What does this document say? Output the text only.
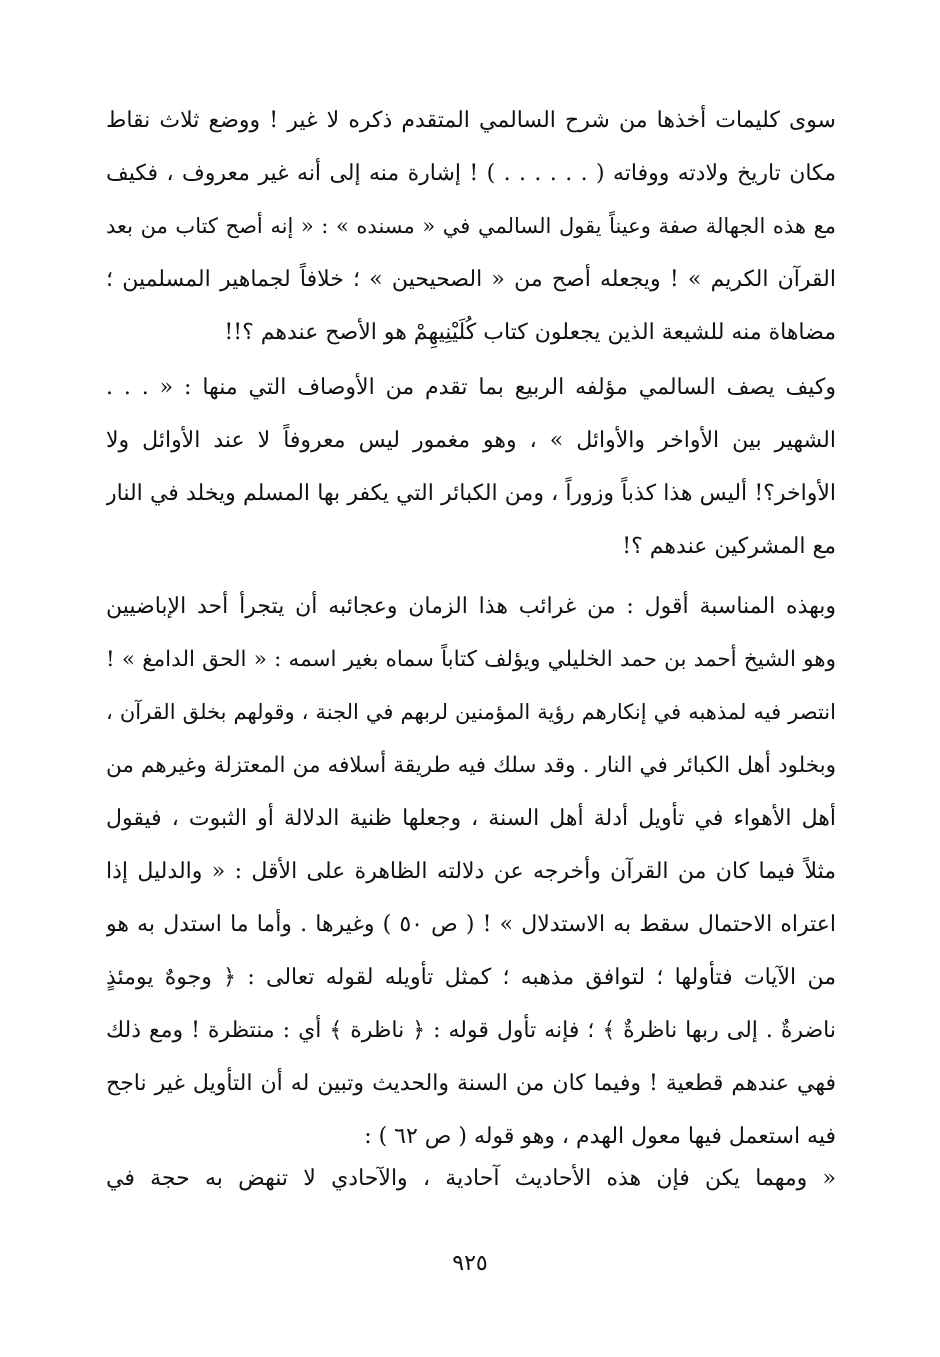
سوى كليمات أخذها من شرح السالمي المتقدم ذكره لا غير ! ووضع ثلاث نقاط
مكان تاريخ ولادته ووفاته ( . . . . . . ) ! إشارة منه إلى أنه غير معروف ، فكيف
مع هذه الجهالة صفة وعيناً يقول السالمي في « مسنده » : « إنه أصح كتاب من بعد
القرآن الكريم » ! ويجعله أصح من « الصحيحين » ؛ خلافاً لجماهير المسلمين ؛
مضاهاة منه للشيعة الذين يجعلون كتاب كُلَيْنِيهِمْ هو الأصح عندهم ؟!!
وكيف يصف السالمي مؤلفه الربيع بما تقدم من الأوصاف التي منها : « . . .
الشهير بين الأواخر والأوائل » ، وهو مغمور ليس معروفاً لا عند الأوائل ولا
الأواخر؟! أليس هذا كذباً وزوراً ، ومن الكبائر التي يكفر بها المسلم ويخلد في النار
مع المشركين عندهم ؟!
وبهذه المناسبة أقول : من غرائب هذا الزمان وعجائبه أن يتجرأ أحد الإباضيين
وهو الشيخ أحمد بن حمد الخليلي ويؤلف كتاباً سماه بغير اسمه : « الحق الدامغ » !
انتصر فيه لمذهبه في إنكارهم رؤية المؤمنين لربهم في الجنة ، وقولهم بخلق القرآن ،
وبخلود أهل الكبائر في النار . وقد سلك فيه طريقة أسلافه من المعتزلة وغيرهم من
أهل الأهواء في تأويل أدلة أهل السنة ، وجعلها ظنية الدلالة أو الثبوت ، فيقول
مثلاً فيما كان من القرآن وأخرجه عن دلالته الظاهرة على الأقل : « والدليل إذا
اعتراه الاحتمال سقط به الاستدلال » ! ( ص ٥٠ ) وغيرها . وأما ما استدل به هو
من الآيات فتأولها ؛ لتوافق مذهبه ؛ كمثل تأويله لقوله تعالى : ﴿ وجوهٌ يومئذٍ
ناضرةٌ . إلى ربها ناظرةٌ ﴾ ؛ فإنه تأول قوله : ﴿ ناظرة ﴾ أي : منتظرة ! ومع ذلك
فهي عندهم قطعية ! وفيما كان من السنة والحديث وتبين له أن التأويل غير ناجح
فيه استعمل فيها معول الهدم ، وهو قوله ( ص ٦٢ ) :
« ومهما يكن فإن هذه الأحاديث آحادية ، والآحادي لا تنهض به حجة في
٩٢٥
